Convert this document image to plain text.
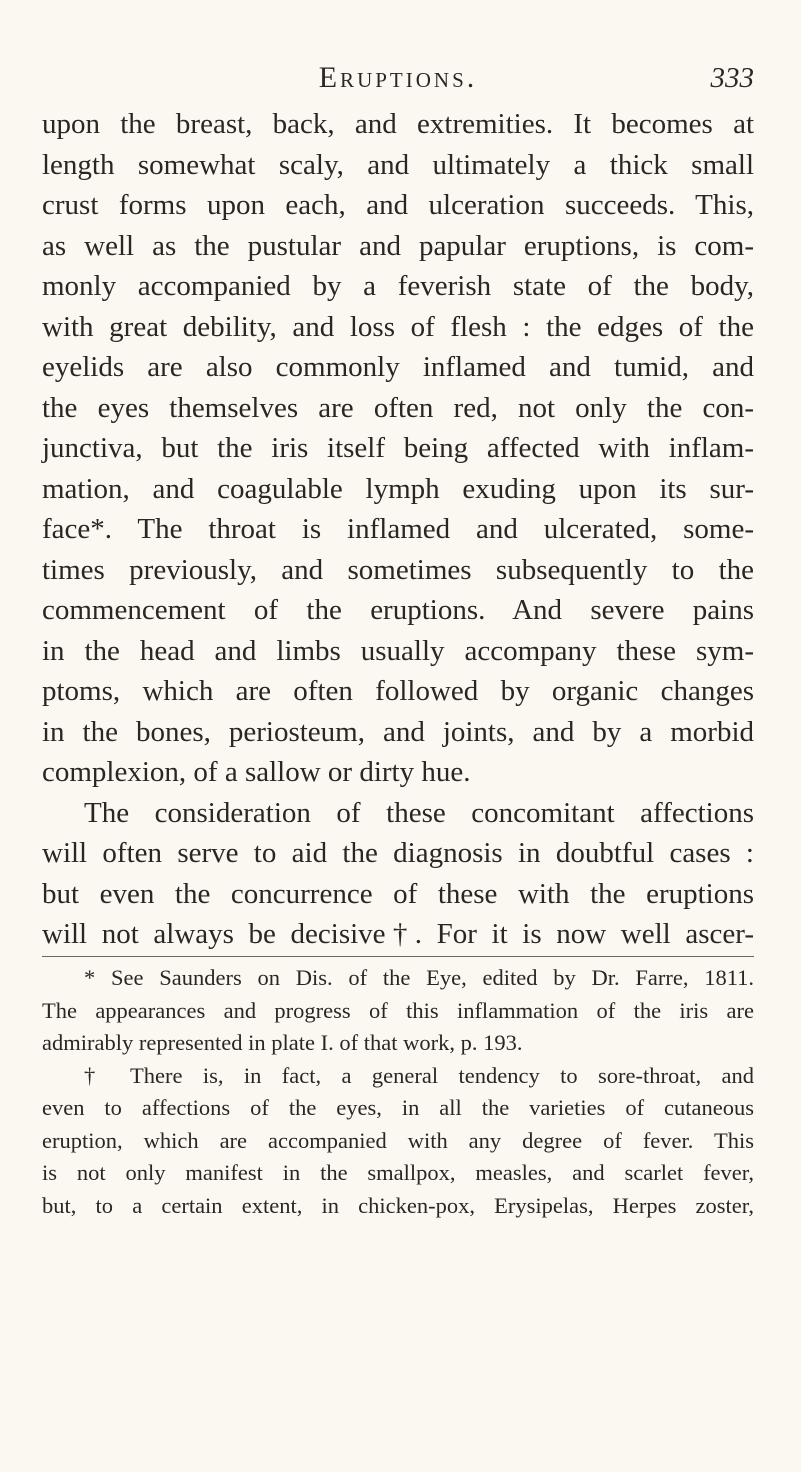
Eruptions.	333
upon the breast, back, and extremities. It becomes at
length somewhat scaly, and ultimately a thick small
crust forms upon each, and ulceration succeeds. This,
as well as the pustular and papular eruptions, is com-
monly accompanied by a feverish state of the body,
with great debility, and loss of flesh : the edges of the
eyelids are also commonly inflamed and tumid, and
the eyes themselves are often red, not only the con-
junctiva, but the iris itself being affected with inflam-
mation, and coagulable lymph exuding upon its sur-
face*. The throat is inflamed and ulcerated, some-
times previously, and sometimes subsequently to the
commencement of the eruptions. And severe pains
in the head and limbs usually accompany these sym-
ptoms, which are often followed by organic changes
in the bones, periosteum, and joints, and by a morbid
complexion, of a sallow or dirty hue.
The consideration of these concomitant affections
will often serve to aid the diagnosis in doubtful cases :
but even the concurrence of these with the eruptions
will not always be decisive†. For it is now well ascer-
* See Saunders on Dis. of the Eye, edited by Dr. Farre, 1811.
The appearances and progress of this inflammation of the iris are
admirably represented in plate I. of that work, p. 193.
† There is, in fact, a general tendency to sore-throat, and
even to affections of the eyes, in all the varieties of cutaneous
eruption, which are accompanied with any degree of fever. This
is not only manifest in the smallpox, measles, and scarlet fever,
but, to a certain extent, in chicken-pox, Erysipelas, Herpes zoster,
